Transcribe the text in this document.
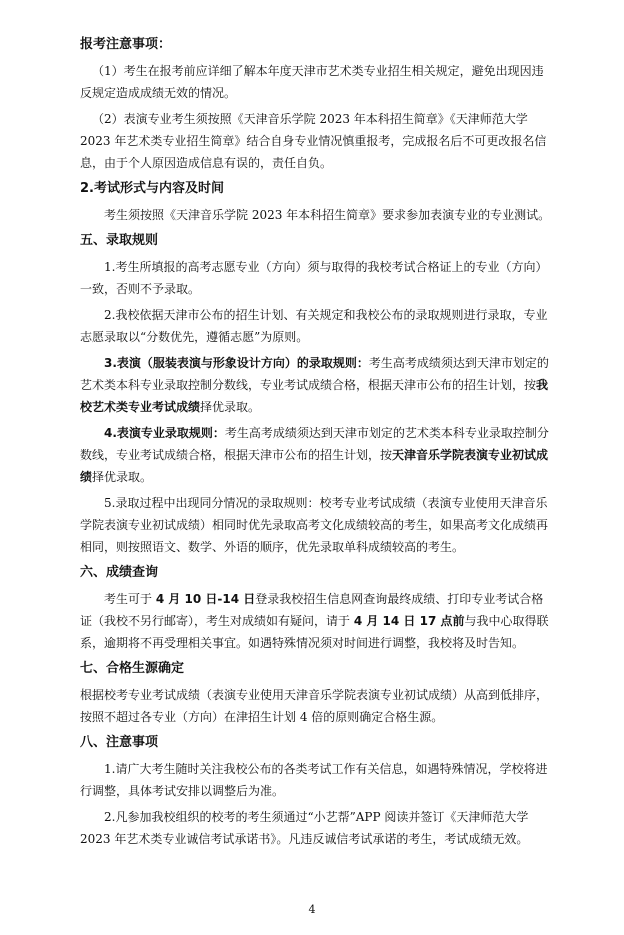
报考注意事项：
（1）考生在报考前应详细了解本年度天津市艺术类专业招生相关规定，避免出现因违反规定造成成绩无效的情况。
（2）表演专业考生须按照《天津音乐学院 2023 年本科招生简章》《天津师范大学 2023 年艺术类专业招生简章》结合自身专业情况慎重报考，完成报名后不可更改报名信息，由于个人原因造成信息有误的，责任自负。
2.考试形式与内容及时间
考生须按照《天津音乐学院 2023 年本科招生简章》要求参加表演专业的专业测试。
五、录取规则
1.考生所填报的高考志愿专业（方向）须与取得的我校考试合格证上的专业（方向）一致，否则不予录取。
2.我校依据天津市公布的招生计划、有关规定和我校公布的录取规则进行录取，专业志愿录取以“分数优先，遵循志愿”为原则。
3.表演（服装表演与形象设计方向）的录取规则：考生高考成绩须达到天津市划定的艺术类本科专业录取控制分数线，专业考试成绩合格，根据天津市公布的招生计划，按我校艺术类专业考试成绩择优录取。
4.表演专业录取规则：考生高考成绩须达到天津市划定的艺术类本科专业录取控制分数线，专业考试成绩合格，根据天津市公布的招生计划，按天津音乐学院表演专业初试成绩择优录取。
5.录取过程中出现同分情况的录取规则：校考专业考试成绩（表演专业使用天津音乐学院表演专业初试成绩）相同时优先录取高考文化成绩较高的考生，如果高考文化成绩再相同，则按照语文、数学、外语的顺序，优先录取单科成绩较高的考生。
六、成绩查询
考生可于 4 月 10 日-14 日登录我校招生信息网查询最终成绩、打印专业考试合格证（我校不另行邮寄），考生对成绩如有疑问，请于 4 月 14 日 17 点前与我中心取得联系，逾期将不再受理相关事宜。如遇特殊情况须对时间进行调整，我校将及时告知。
七、合格生源确定
根据校考专业考试成绩（表演专业使用天津音乐学院表演专业初试成绩）从高到低排序，按照不超过各专业（方向）在津招生计划 4 倍的原则确定合格生源。
八、注意事项
1.请广大考生随时关注我校公布的各类考试工作有关信息，如遇特殊情况，学校将进行调整，具体考试安排以调整后为准。
2.凡参加我校组织的校考的考生须通过“小艺帮”APP 阅读并签订《天津师范大学 2023 年艺术类专业诚信考试承诺书》。凡违反诚信考试承诺的考生，考试成绩无效。
4
